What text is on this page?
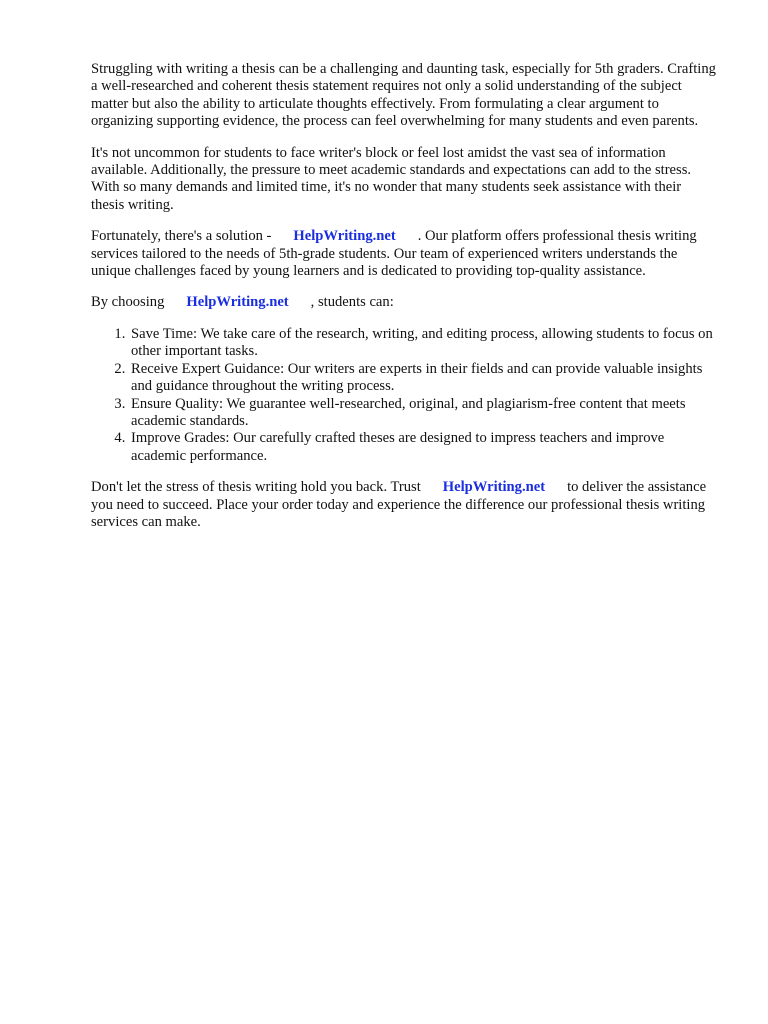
Struggling with writing a thesis can be a challenging and daunting task, especially for 5th graders. Crafting a well-researched and coherent thesis statement requires not only a solid understanding of the subject matter but also the ability to articulate thoughts effectively. From formulating a clear argument to organizing supporting evidence, the process can feel overwhelming for many students and even parents.

It's not uncommon for students to face writer's block or feel lost amidst the vast sea of information available. Additionally, the pressure to meet academic standards and expectations can add to the stress. With so many demands and limited time, it's no wonder that many students seek assistance with their thesis writing.

Fortunately, there's a solution - HelpWriting.net . Our platform offers professional thesis writing services tailored to the needs of 5th-grade students. Our team of experienced writers understands the unique challenges faced by young learners and is dedicated to providing top-quality assistance.

By choosing HelpWriting.net , students can:

1. Save Time: We take care of the research, writing, and editing process, allowing students to focus on other important tasks.
2. Receive Expert Guidance: Our writers are experts in their fields and can provide valuable insights and guidance throughout the writing process.
3. Ensure Quality: We guarantee well-researched, original, and plagiarism-free content that meets academic standards.
4. Improve Grades: Our carefully crafted theses are designed to impress teachers and improve academic performance.

Don't let the stress of thesis writing hold you back. Trust HelpWriting.net to deliver the assistance you need to succeed. Place your order today and experience the difference our professional thesis writing services can make.
